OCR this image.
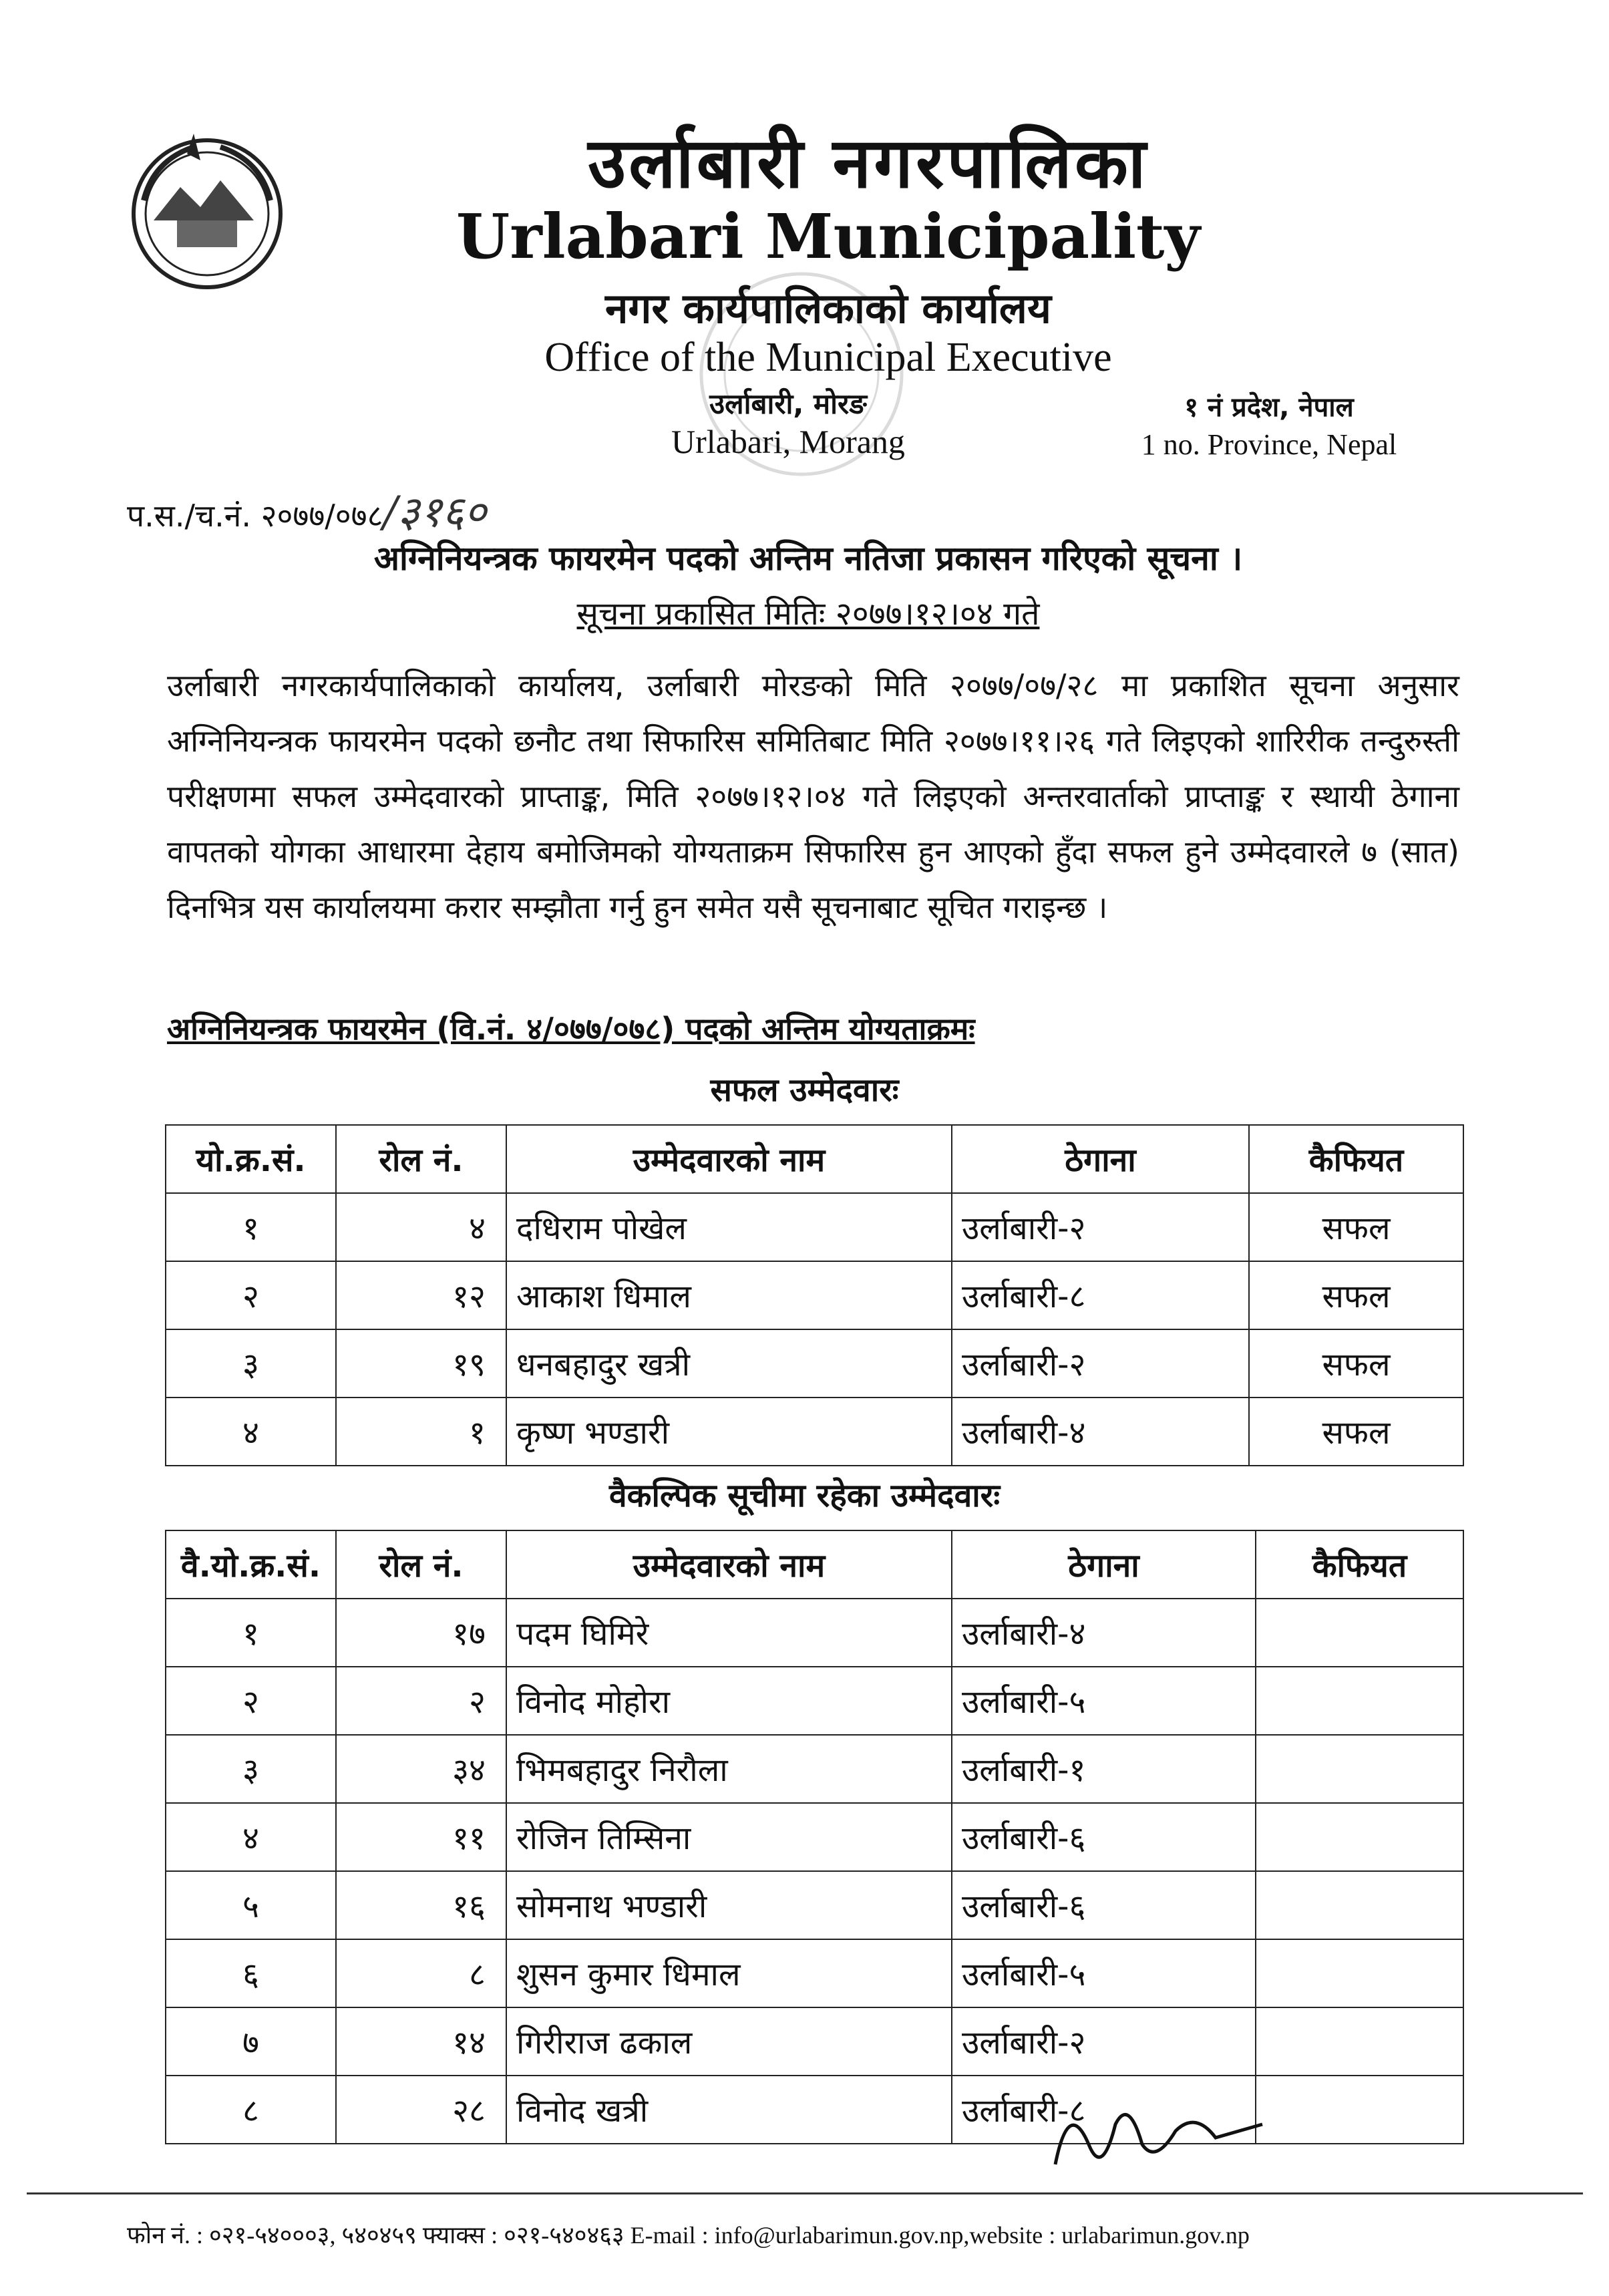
उर्लाबारी नगरपालिका
Urlabari Municipality
नगर कार्यपालिकाको कार्यालय
Office of the Municipal Executive
उर्लाबारी, मोरङ
Urlabari, Morang
१ नं प्रदेश, नेपाल
1 no. Province, Nepal
प.स./च.नं. २०७७/०७८/३१६०
अग्निनियन्त्रक फायरमेन पदको अन्तिम नतिजा प्रकासन गरिएको सूचना ।
सूचना प्रकासित मितिः २०७७।१२।०४ गते
उर्लाबारी नगरकार्यपालिकाको कार्यालय, उर्लाबारी मोरङको मिति २०७७/०७/२८ मा प्रकाशित सूचना अनुसार अग्निनियन्त्रक फायरमेन पदको छनौट तथा सिफारिस समितिबाट मिति २०७७।११।२६ गते लिइएको शारिरीक तन्दुरुस्ती परीक्षणमा सफल उम्मेदवारको प्राप्ताङ्क, मिति २०७७।१२।०४ गते लिइएको अन्तरवार्ताको प्राप्ताङ्क र स्थायी ठेगाना वापतको योगका आधारमा देहाय बमोजिमको योग्यताक्रम सिफारिस हुन आएको हुँदा सफल हुने उम्मेदवारले ७ (सात) दिनभित्र यस कार्यालयमा करार सम्झौता गर्नु हुन समेत यसै सूचनाबाट सूचित गराइन्छ ।
अग्निनियन्त्रक फायरमेन (वि.नं. ४/०७७/०७८) पदको अन्तिम योग्यताक्रमः
सफल उम्मेदवारः
यो.क्र.सं.	रोल नं.	उम्मेदवारको नाम	ठेगाना	कैफियत
१	४	दधिराम पोखेल	उर्लाबारी-२	सफल
२	१२	आकाश धिमाल	उर्लाबारी-८	सफल
३	१९	धनबहादुर खत्री	उर्लाबारी-२	सफल
४	१	कृष्ण भण्डारी	उर्लाबारी-४	सफल
वैकल्पिक सूचीमा रहेका उम्मेदवारः
वै.यो.क्र.सं.	रोल नं.	उम्मेदवारको नाम	ठेगाना	कैफियत
१	१७	पदम घिमिरे	उर्लाबारी-४	
२	२	विनोद मोहोरा	उर्लाबारी-५	
३	३४	भिमबहादुर निरौला	उर्लाबारी-१	
४	११	रोजिन तिम्सिना	उर्लाबारी-६	
५	१६	सोमनाथ भण्डारी	उर्लाबारी-६	
६	८	शुसन कुमार धिमाल	उर्लाबारी-५	
७	१४	गिरीराज ढकाल	उर्लाबारी-२	
८	२८	विनोद खत्री	उर्लाबारी-८	
फोन नं. : ०२१-५४०००३, ५४०४५९ फ्याक्स : ०२१-५४०४६३ E-mail : info@urlabarimun.gov.np,website : urlabarimun.gov.np
